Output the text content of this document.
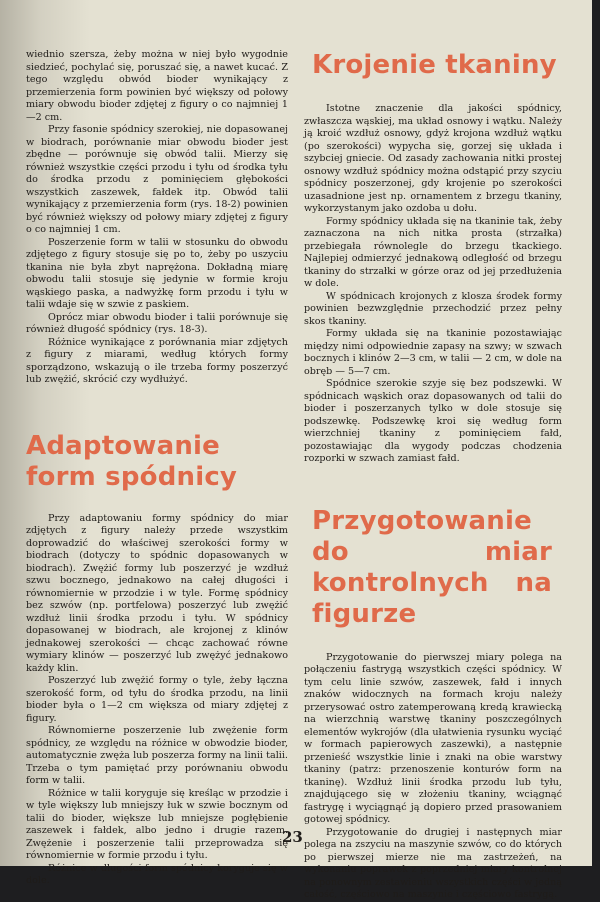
wiednio szersza, żeby można w niej było wygodnie siedzieć, pochylać się, poruszać się, a nawet kucać. Z tego względu obwód bioder wynikający z przemierzenia form powinien być większy od połowy miary obwodu bioder zdjętej z figury o co najmniej 1—2 cm.

Przy fasonie spódnicy szerokiej, nie dopasowanej w biodrach, porównanie miar obwodu bioder jest zbędne — porównuje się obwód talii. Mierzy się również wszystkie części przodu i tyłu od środka tyłu do środka przodu z pominięciem głębokości wszystkich zaszewek, fałdek itp. Obwód talii wynikający z przemierzenia form (rys. 18-2) powinien być również większy od połowy miary zdjętej z figury o co najmniej 1 cm.

Poszerzenie form w talii w stosunku do obwodu zdjętego z figury stosuje się po to, żeby po uszyciu tkanina nie była zbyt naprężona. Dokładną miarę obwodu talii stosuje się jedynie w formie kroju wąskiego paska, a nadwyżkę form przodu i tyłu w talii wdaje się w szwie z paskiem.

Oprócz miar obwodu bioder i talii porównuje się również długość spódnicy (rys. 18-3).

Różnice wynikające z porównania miar zdjętych z figury z miarami, według których formy sporządzono, wskazują o ile trzeba formy poszerzyć lub zwężić, skrócić czy wydłużyć.

Adaptowanie form spódnicy

Przy adaptowaniu formy spódnicy do miar zdjętych z figury należy przede wszystkim doprowadzić do właściwej szerokości formy w biodrach (dotyczy to spódnic dopasowanych w biodrach). Zwężić formy lub poszerzyć je wzdłuż szwu bocznego, jednakowo na całej długości i równomiernie w przodzie i w tyle. Formę spódnicy bez szwów (np. portfelowa) poszerzyć lub zwężić wzdłuż linii środka przodu i tyłu. W spódnicy dopasowanej w biodrach, ale krojonej z klinów jednakowej szerokości — chcąc zachować równe wymiary klinów — poszerzyć lub zwężyć jednakowo każdy klin.

Poszerzyć lub zwężić formy o tyle, żeby łączna szerokość form, od tyłu do środka przodu, na linii bioder była o 1—2 cm większa od miary zdjętej z figury.

Równomierne poszerzenie lub zwężenie form spódnicy, ze względu na różnice w obwodzie bioder, automatycznie zwęża lub poszerza formy na linii talii. Trzeba o tym pamiętać przy porównaniu obwodu form w talii.

Różnice w talii koryguje się kreśląc w przodzie i w tyle większy lub mniejszy łuk w szwie bocznym od talii do bioder, większe lub mniejsze pogłębienie zaszewek i fałdek, albo jedno i drugie razem. Zwężenie i poszerzenie talii przeprowadza się równomiernie w formie przodu i tyłu.

Różnice w długości form spódnicy koryguje się w dole.

Krojenie tkaniny

Istotne znaczenie dla jakości spódnicy, zwłaszcza wąskiej, ma układ osnowy i wątku. Należy ją kroić wzdłuż osnowy, gdyż krojona wzdłuż wątku (po szerokości) wypycha się, gorzej się układa i szybciej gniecie. Od zasady zachowania nitki prostej osnowy wzdłuż spódnicy można odstąpić przy szyciu spódnicy poszerzonej, gdy krojenie po szerokości uzasadnione jest np. ornamentem z brzegu tkaniny, wykorzystanym jako ozdoba u dołu.

Formy spódnicy układa się na tkaninie tak, żeby zaznaczona na nich nitka prosta (strzałka) przebiegała równolegle do brzegu tkackiego. Najlepiej odmierzyć jednakową odległość od brzegu tkaniny do strzałki w górze oraz od jej przedłużenia w dole.

W spódnicach krojonych z klosza środek formy powinien bezwzględnie przechodzić przez pełny skos tkaniny.

Formy układa się na tkaninie pozostawiając między nimi odpowiednie zapasy na szwy; w szwach bocznych i klinów 2—3 cm, w talii — 2 cm, w dole na obręb — 5—7 cm.

Spódnice szerokie szyje się bez podszewki. W spódnicach wąskich oraz dopasowanych od talii do bioder i poszerzanych tylko w dole stosuje się podszewkę. Podszewkę kroi się według form wierzchniej tkaniny z pominięciem fałd, pozostawiając dla wygody podczas chodzenia rozporki w szwach zamiast fałd.

Przygotowanie do miar kontrolnych na figurze

Przygotowanie do pierwszej miary polega na połączeniu fastrygą wszystkich części spódnicy. W tym celu linie szwów, zaszewek, fałd i innych znaków widocznych na formach kroju należy przerysować ostro zatemperowaną kredą krawiecką na wierzchnią warstwę tkaniny poszczególnych elementów wykrojów (dla ułatwienia rysunku wyciąć w formach papierowych zaszewki), a następnie przenieść wszystkie linie i znaki na obie warstwy tkaniny (patrz: przenoszenie konturów form na tkaninę). Wzdłuż linii środka przodu lub tyłu, znajdującego się w złożeniu tkaniny, wciągnąć fastrygę i wyciągnąć ją dopiero przed prasowaniem gotowej spódnicy.

Przygotowanie do drugiej i następnych miar polega na zszyciu na maszynie szwów, co do których po pierwszej mierze nie ma zastrzeżeń, na wykonaniu poprawek z poprzedniej miary kontrolnej na ponownym zestawieniu wszystkich części w jedną całość, częściowo na maszynie i częściowo fastrygą.

23
